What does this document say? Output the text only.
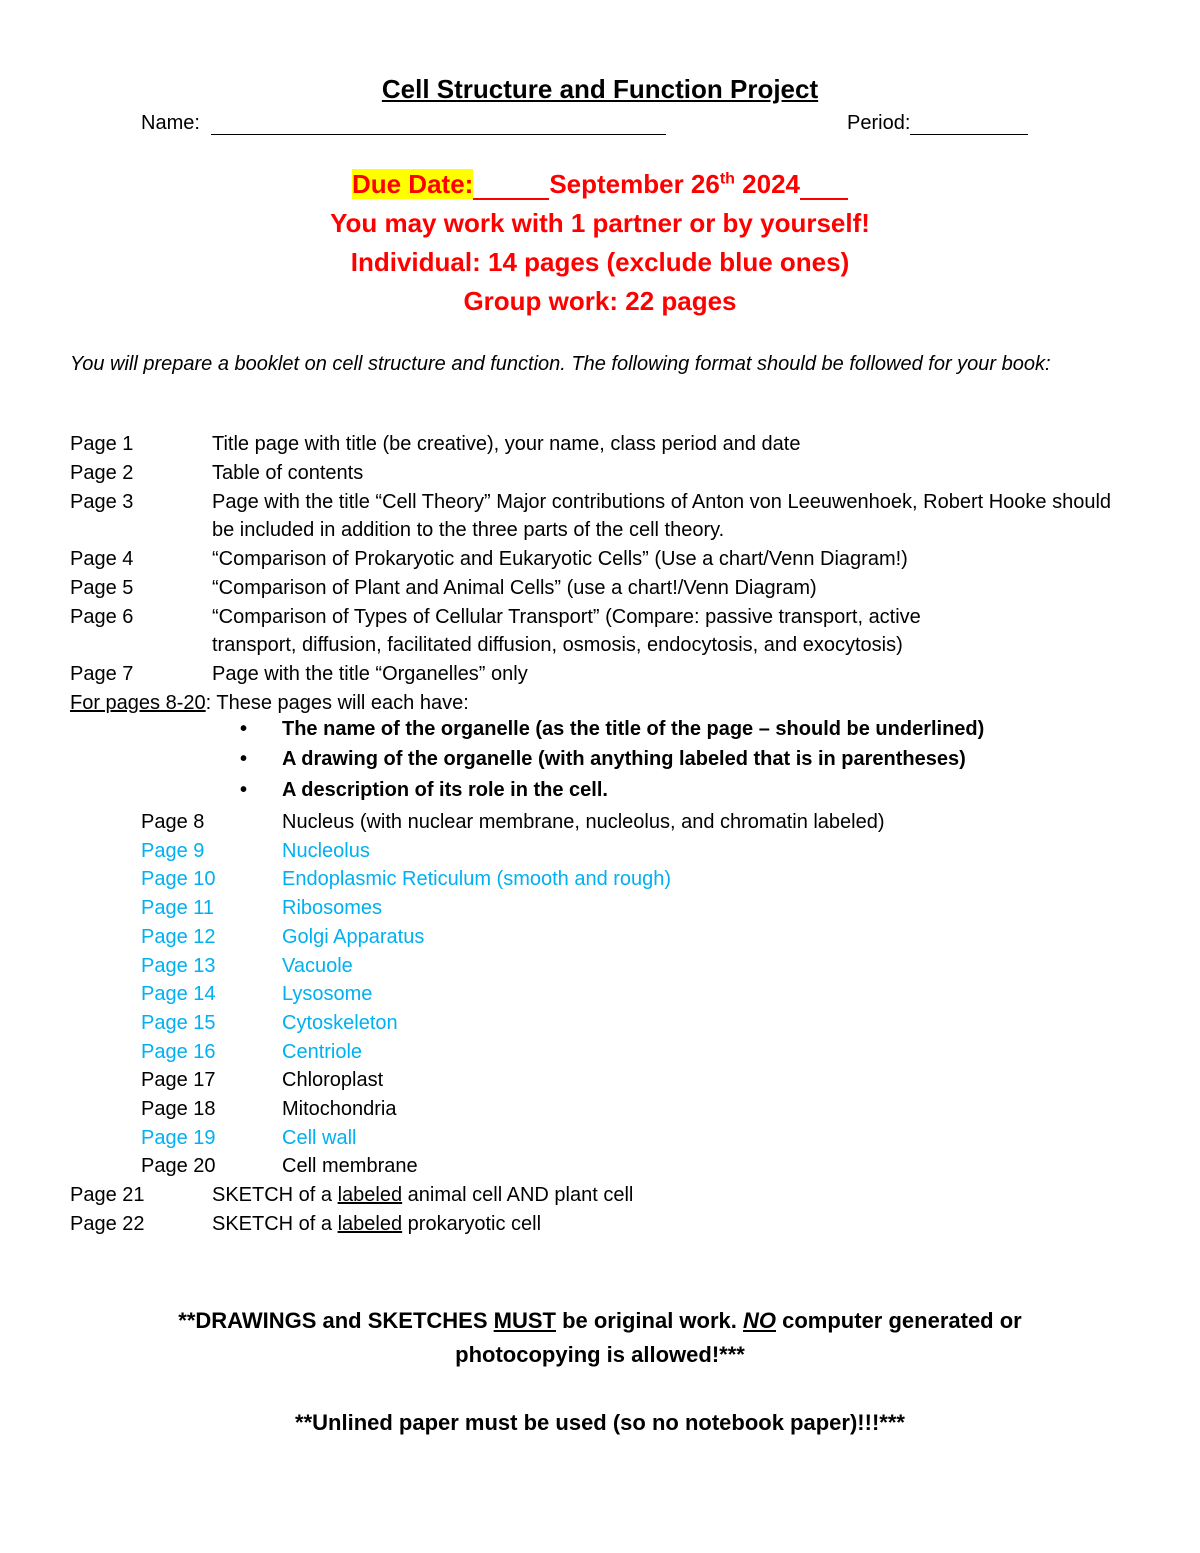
Cell Structure and Function Project
Name:	Period:
Due Date:	September 26th 2024
You may work with 1 partner or by yourself!
Individual: 14 pages (exclude blue ones)
Group work: 22 pages
You will prepare a booklet on cell structure and function. The following format should be followed for your book:
Page 1	Title page with title (be creative), your name, class period and date
Page 2	Table of contents
Page 3	Page with the title “Cell Theory” Major contributions of Anton von Leeuwenhoek, Robert Hooke should be included in addition to the three parts of the cell theory.
Page 4	“Comparison of Prokaryotic and Eukaryotic Cells” (Use a chart/Venn Diagram!)
Page 5	“Comparison of Plant and Animal Cells” (use a chart!/Venn Diagram)
Page 6	“Comparison of Types of Cellular Transport” (Compare: passive transport, active transport, diffusion, facilitated diffusion, osmosis, endocytosis, and exocytosis)
Page 7	Page with the title “Organelles” only
For pages 8-20: These pages will each have:
• The name of the organelle (as the title of the page – should be underlined)
• A drawing of the organelle (with anything labeled that is in parentheses)
• A description of its role in the cell.
Page 8	Nucleus (with nuclear membrane, nucleolus, and chromatin labeled)
Page 9	Nucleolus
Page 10	Endoplasmic Reticulum (smooth and rough)
Page 11	Ribosomes
Page 12	Golgi Apparatus
Page 13	Vacuole
Page 14	Lysosome
Page 15	Cytoskeleton
Page 16	Centriole
Page 17	Chloroplast
Page 18	Mitochondria
Page 19	Cell wall
Page 20	Cell membrane
Page 21	SKETCH of a labeled animal cell AND plant cell
Page 22	SKETCH of a labeled prokaryotic cell
**DRAWINGS and SKETCHES MUST be original work. NO computer generated or
photocopying is allowed!***
**Unlined paper must be used (so no notebook paper)!!!***
